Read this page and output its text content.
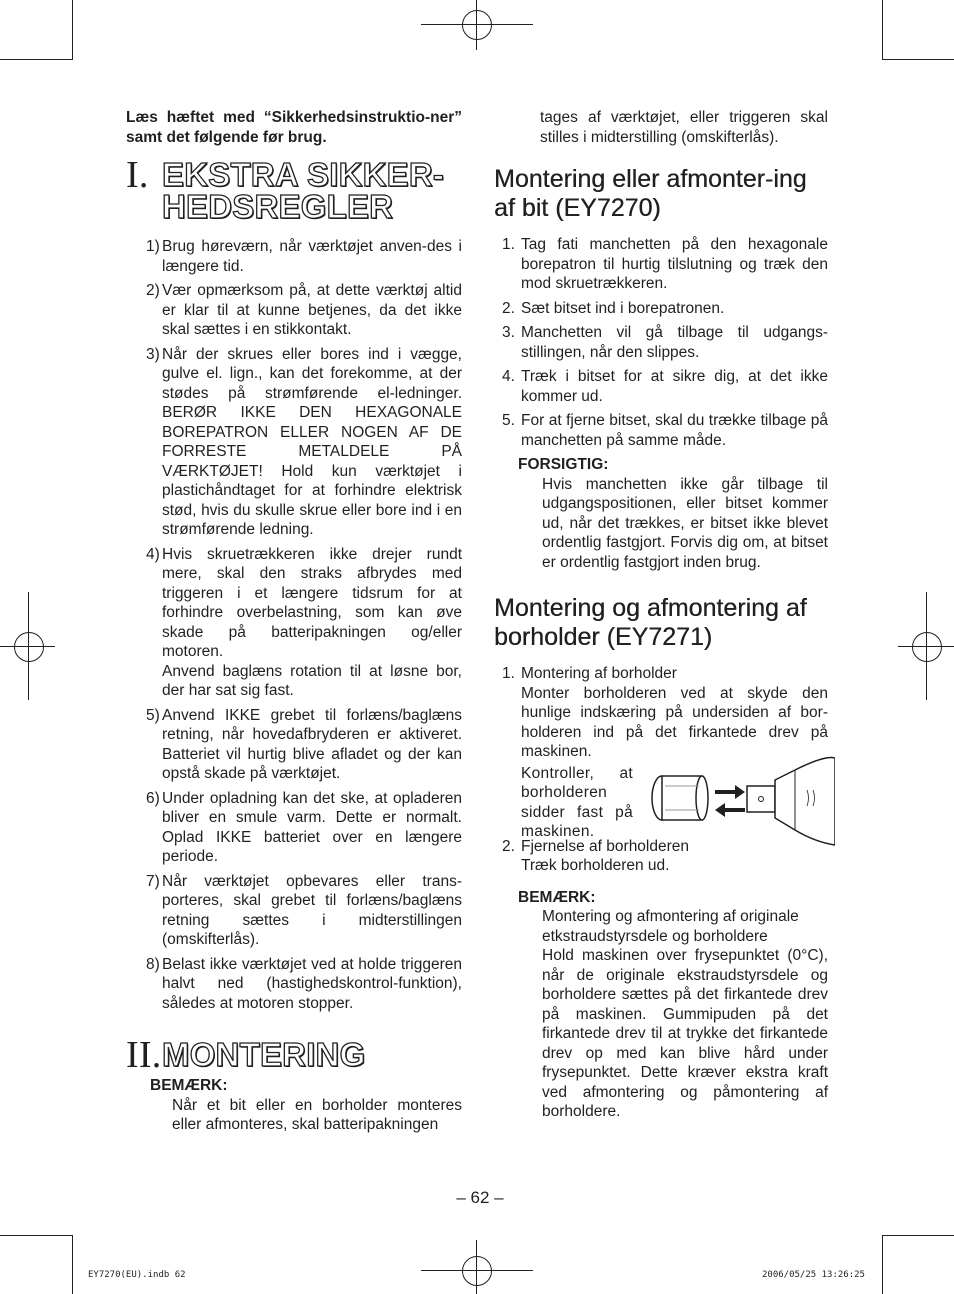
Læs hæftet med “Sikkerhedsinstruktio-ner” samt det følgende før brug.

I. EKSTRA SIKKER-HEDSREGLER
1) Brug høreværn, når værktøjet anven-des i længere tid.
2) Vær opmærksom på, at dette værktøj altid er klar til at kunne betjenes, da det ikke skal sættes i en stikkontakt.
3) Når der skrues eller bores ind i vægge, gulve el. lign., kan det forekomme, at der stødes på strømførende el-ledninger. BERØR IKKE DEN HEXAGONALE BOREPATRON ELLER NOGEN AF DE FORRESTE METALDELE PÅ VÆRKTØJET! Hold kun værktøjet i plastichåndtaget for at forhindre elektrisk stød, hvis du skulle skrue eller bore ind i en strømførende ledning.
4) Hvis skruetrækkeren ikke drejer rundt mere, skal den straks afbrydes med triggeren i et længere tidsrum for at forhindre overbelastning, som kan øve skade på batteripakningen og/eller motoren.
Anvend baglæns rotation til at løsne bor, der har sat sig fast.
5) Anvend IKKE grebet til forlæns/baglæns retning, når hovedafbryderen er aktiveret. Batteriet vil hurtig blive afladet og der kan opstå skade på værktøjet.
6) Under opladning kan det ske, at opladeren bliver en smule varm. Dette er normalt. Oplad IKKE batteriet over en længere periode.
7) Når værktøjet opbevares eller trans-porteres, skal grebet til forlæns/baglæns retning sættes i midterstillingen (omskifterlås).
8) Belast ikke værktøjet ved at holde triggeren halvt ned (hastighedskontrol-funktion), således at motoren stopper.
II.MONTERING
BEMÆRK:
Når et bit eller en borholder monteres eller afmonteres, skal batteripakningen
tages af værktøjet, eller triggeren skal stilles i midterstilling (omskifterlås).
Montering eller afmonter-ing af bit (EY7270)
1. Tag fati manchetten på den hexagonale borepatron til hurtig tilslutning og træk den mod skruetrækkeren.
2. Sæt bitset ind i borepatronen.
3. Manchetten vil gå tilbage til udgangs-stillingen, når den slippes.
4. Træk i bitset for at sikre dig, at det ikke kommer ud.
5. For at fjerne bitset, skal du trække tilbage på manchetten på samme måde.
FORSIGTIG:
Hvis manchetten ikke går tilbage til udgangspositionen, eller bitset kommer ud, når det trækkes, er bitset ikke blevet ordentlig fastgjort. Forvis dig om, at bitset er ordentlig fastgjort inden brug.
Montering og afmontering af borholder (EY7271)
1. Montering af borholder
Monter borholderen ved at skyde den hunlige indskæring på undersiden af bor-holderen ind på det firkantede drev på maskinen.
Kontroller, at borholderen sidder fast på maskinen.
2. Fjernelse af borholderen
Træk borholderen ud.
BEMÆRK:
Montering og afmontering af originale etkstraudstyrsdele og borholdere
Hold maskinen over frysepunktet (0°C), når de originale ekstraudstyrsdele og borholdere sættes på det firkantede drev på maskinen. Gummipuden på det firkantede drev til at trykke det firkantede drev op med kan blive hård under frysepunktet. Dette kræver ekstra kraft ved afmontering og påmontering af borholdere.
– 62 –
EY7270(EU).indb 62	2006/05/25 13:26:25
